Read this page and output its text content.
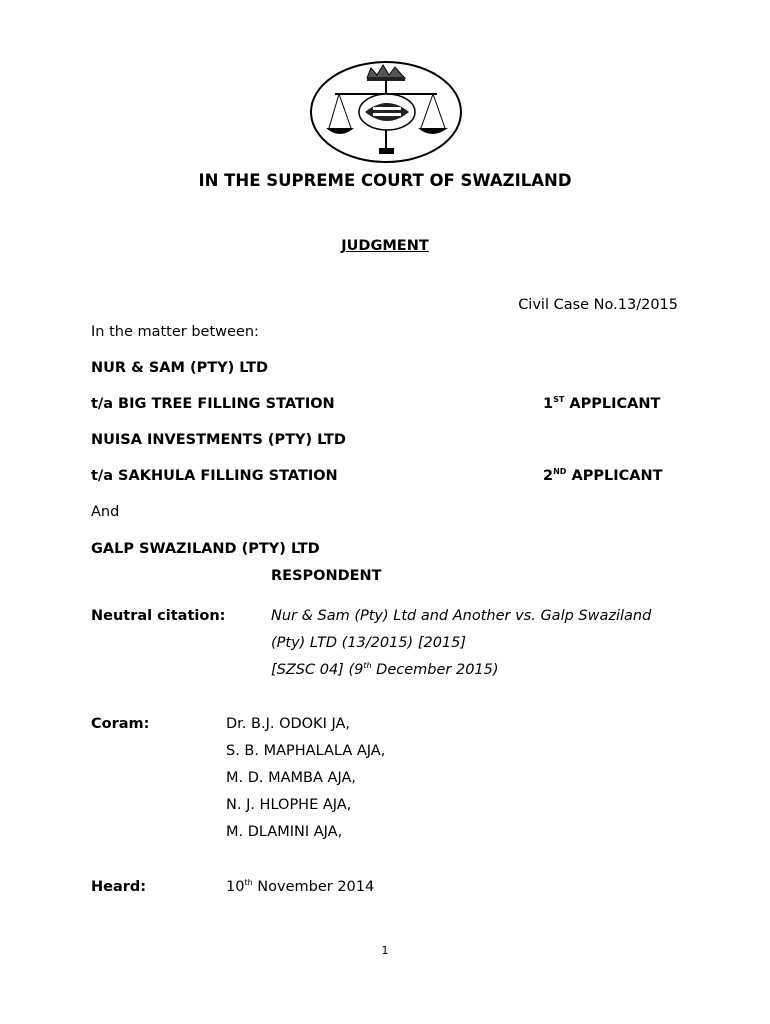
IN THE SUPREME COURT OF SWAZILAND
JUDGMENT
Civil Case No.13/2015
In the matter between:
NUR & SAM (PTY) LTD
t/a BIG TREE FILLING STATION	1ST APPLICANT
NUISA INVESTMENTS (PTY) LTD
t/a SAKHULA FILLING STATION	2ND APPLICANT
And
GALP SWAZILAND (PTY) LTD
RESPONDENT
Neutral citation:	Nur & Sam (Pty) Ltd and Another vs. Galp Swaziland
(Pty) LTD (13/2015) [2015]
[SZSC 04] (9th December 2015)
Coram:	Dr. B.J. ODOKI JA,
S. B. MAPHALALA AJA,
M. D. MAMBA AJA,
N. J. HLOPHE AJA,
M. DLAMINI AJA,
Heard:	10th November 2014
1
